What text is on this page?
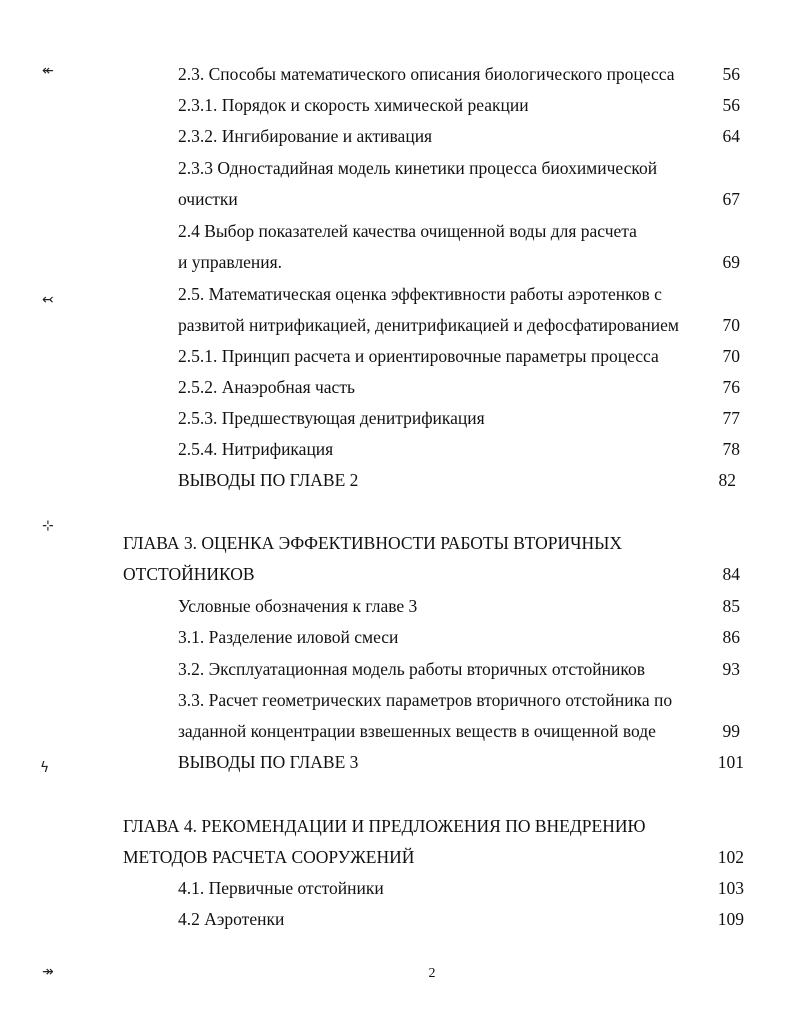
↞
↢
⊹
ϟ
↠
2.3. Способы математического описания биологического процесса	56
2.3.1. Порядок и скорость химической реакции	56
2.3.2. Ингибирование и активация	64
2.3.3 Одностадийная модель кинетики процесса биохимической
очистки	67
2.4 Выбор показателей качества очищенной воды для расчета
и управления.	69
2.5. Математическая оценка эффективности работы аэротенков с
развитой нитрификацией, денитрификацией и дефосфатированием	70
2.5.1. Принцип расчета и ориентировочные параметры процесса	70
2.5.2. Анаэробная часть	76
2.5.3. Предшествующая денитрификация	77
2.5.4. Нитрификация	78
ВЫВОДЫ ПО ГЛАВЕ 2	82
ГЛАВА 3. ОЦЕНКА ЭФФЕКТИВНОСТИ РАБОТЫ ВТОРИЧНЫХ
ОТСТОЙНИКОВ	84
Условные обозначения к главе 3	85
3.1. Разделение иловой смеси	86
3.2. Эксплуатационная модель работы вторичных отстойников	93
3.3. Расчет геометрических параметров вторичного отстойника по
заданной концентрации взвешенных веществ в очищенной воде	99
ВЫВОДЫ ПО ГЛАВЕ 3	101
ГЛАВА 4. РЕКОМЕНДАЦИИ И ПРЕДЛОЖЕНИЯ ПО ВНЕДРЕНИЮ
МЕТОДОВ РАСЧЕТА СООРУЖЕНИЙ	102
4.1. Первичные отстойники	103
4.2 Аэротенки	109
2
